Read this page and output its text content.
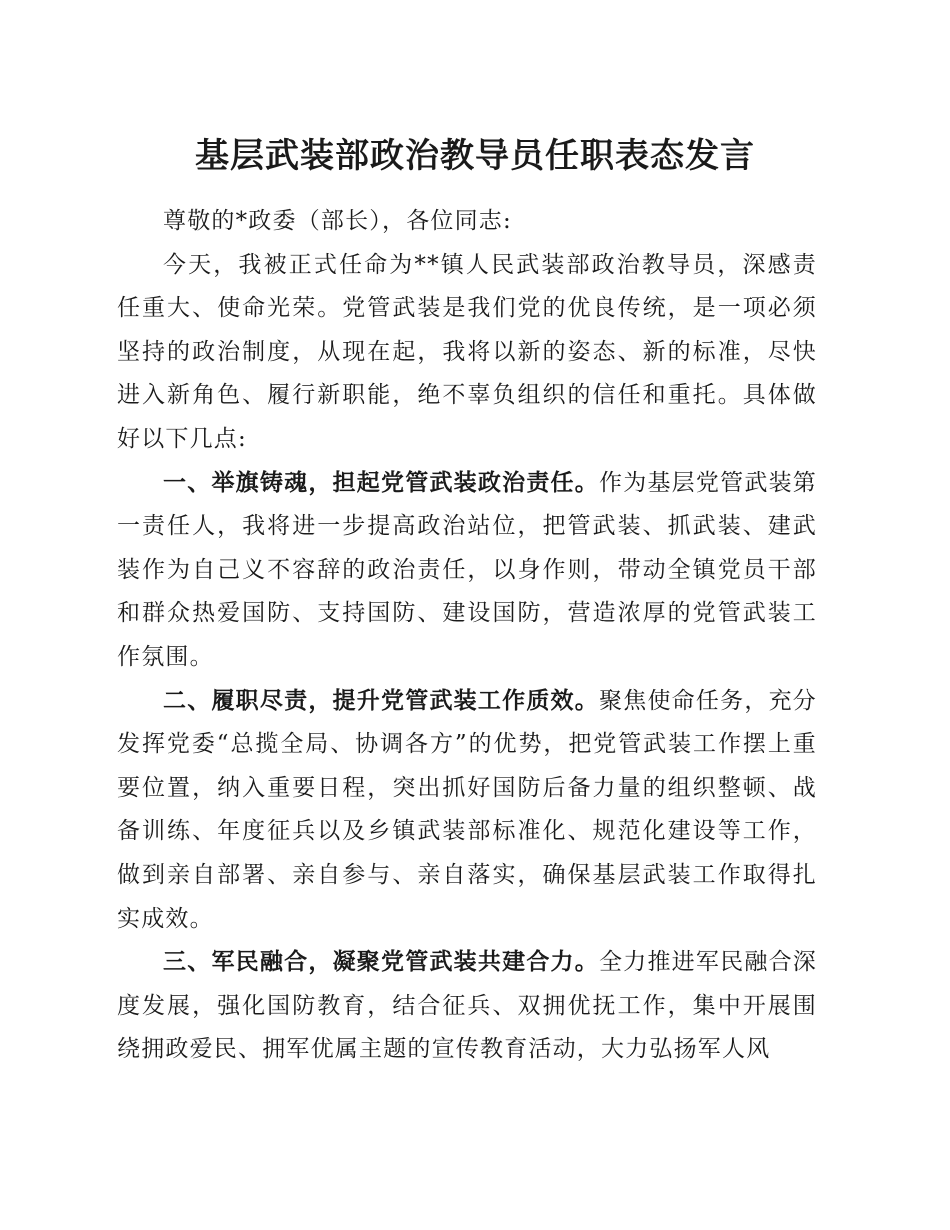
基层武装部政治教导员任职表态发言

尊敬的*政委（部长），各位同志:

今天，我被正式任命为**镇人民武装部政治教导员，深感责任重大、使命光荣。党管武装是我们党的优良传统，是一项必须坚持的政治制度，从现在起，我将以新的姿态、新的标准，尽快进入新角色、履行新职能，绝不辜负组织的信任和重托。具体做好以下几点:

一、举旗铸魂，担起党管武装政治责任。作为基层党管武装第一责任人，我将进一步提高政治站位，把管武装、抓武装、建武装作为自己义不容辞的政治责任，以身作则，带动全镇党员干部和群众热爱国防、支持国防、建设国防，营造浓厚的党管武装工作氛围。

二、履职尽责，提升党管武装工作质效。聚焦使命任务，充分发挥党委“总揽全局、协调各方”的优势，把党管武装工作摆上重要位置，纳入重要日程，突出抓好国防后备力量的组织整顿、战备训练、年度征兵以及乡镇武装部标准化、规范化建设等工作，做到亲自部署、亲自参与、亲自落实，确保基层武装工作取得扎实成效。

三、军民融合，凝聚党管武装共建合力。全力推进军民融合深度发展，强化国防教育，结合征兵、双拥优抚工作，集中开展围绕拥政爱民、拥军优属主题的宣传教育活动，大力弘扬军人风
